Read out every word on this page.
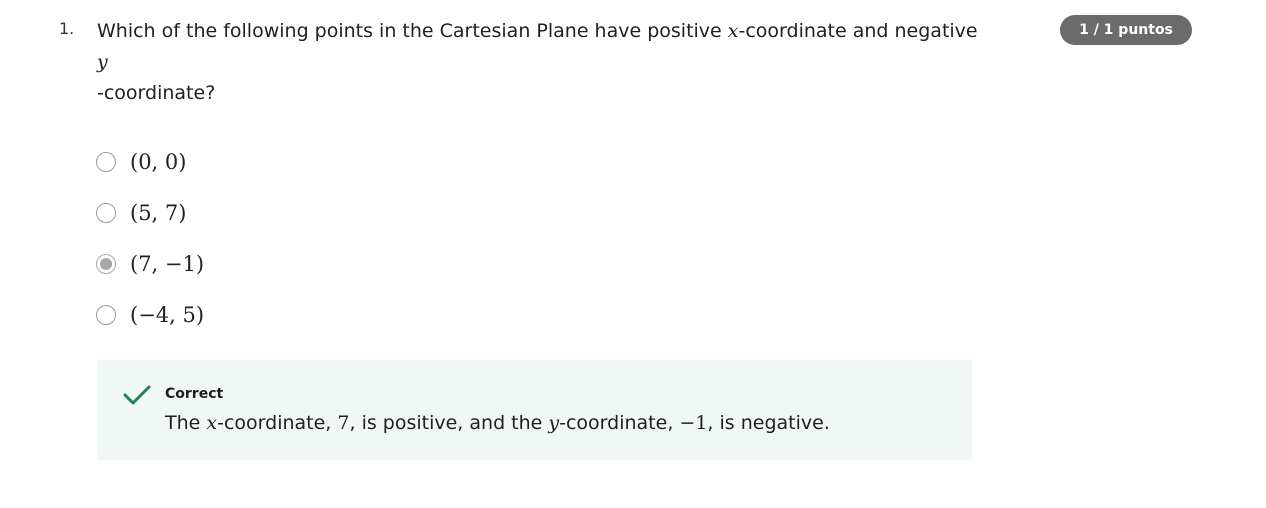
1. Which of the following points in the Cartesian Plane have positive x-coordinate and negative y
-coordinate?
1 / 1 puntos
(0, 0)
(5, 7)
(7, −1)
(−4, 5)
Correct
The x-coordinate, 7, is positive, and the y-coordinate, −1, is negative.
